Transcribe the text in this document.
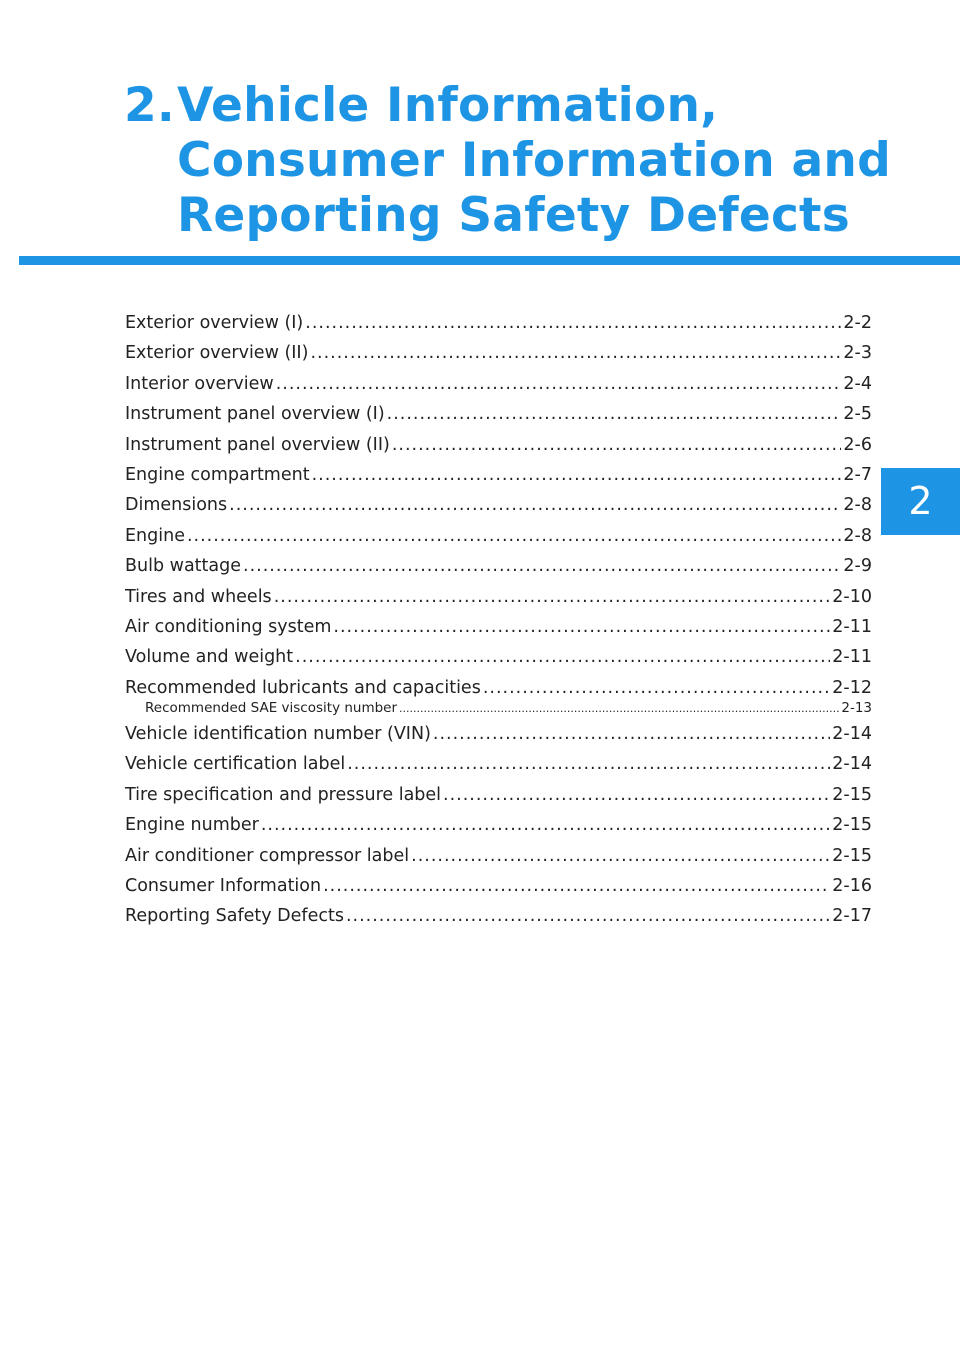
2.Vehicle Information,
Consumer Information and
Reporting Safety Defects
2
Exterior overview (I) .....	2-2
Exterior overview (II) .....	2-3
Interior overview .....	2-4
Instrument panel overview (I) .....	2-5
Instrument panel overview (II) .....	2-6
Engine compartment .....	2-7
Dimensions .....	2-8
Engine .....	2-8
Bulb wattage .....	2-9
Tires and wheels .....	2-10
Air conditioning system .....	2-11
Volume and weight .....	2-11
Recommended lubricants and capacities .....	2-12
Recommended SAE viscosity number .....	2-13
Vehicle identification number (VIN) .....	2-14
Vehicle certification label .....	2-14
Tire specification and pressure label .....	2-15
Engine number .....	2-15
Air conditioner compressor label .....	2-15
Consumer Information .....	2-16
Reporting Safety Defects .....	2-17
